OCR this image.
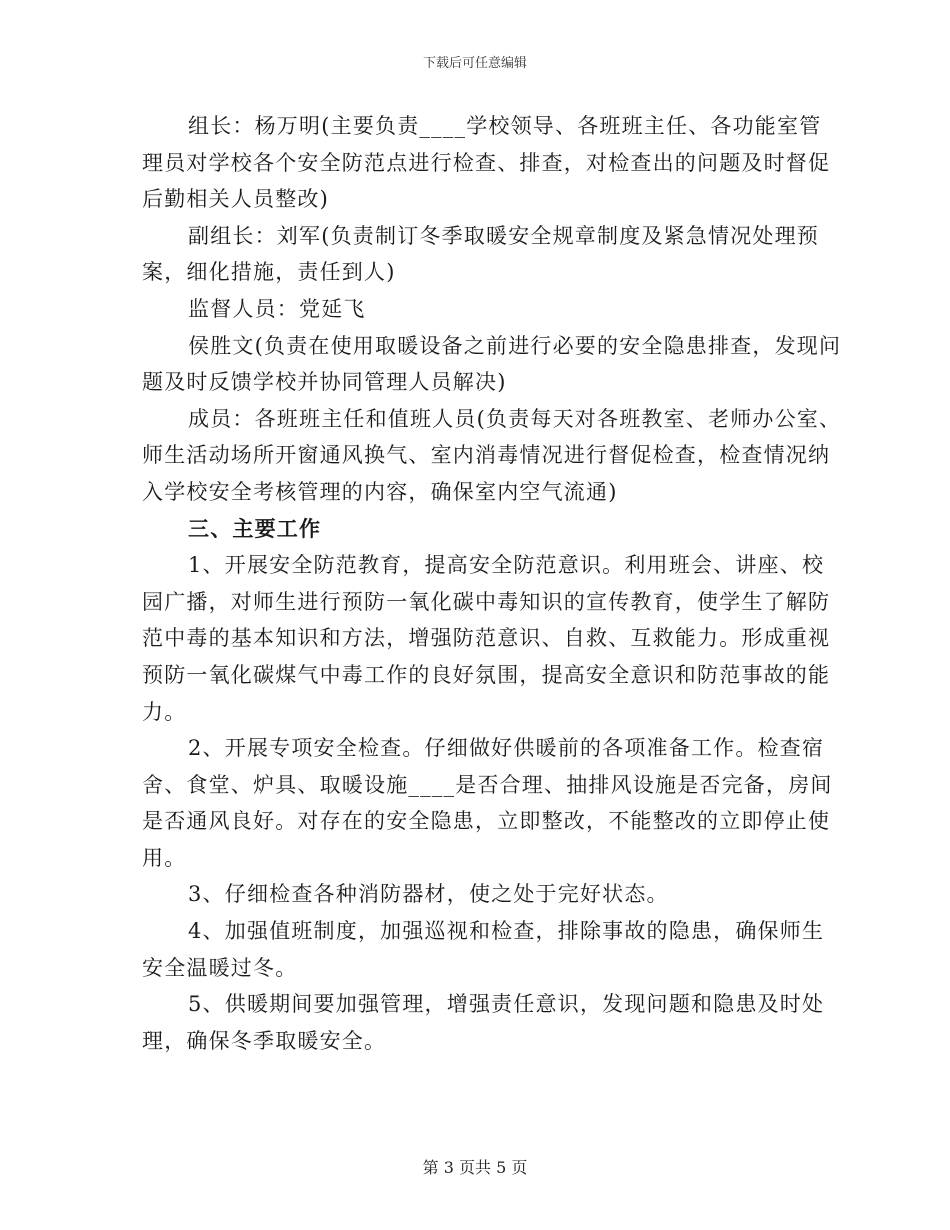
下载后可任意编辑

组长：杨万明(主要负责____学校领导、各班班主任、各功能室管理员对学校各个安全防范点进行检查、排查，对检查出的问题及时督促后勤相关人员整改)

副组长：刘军(负责制订冬季取暖安全规章制度及紧急情况处理预案，细化措施，责任到人)

监督人员：党延飞

侯胜文(负责在使用取暖设备之前进行必要的安全隐患排查，发现问题及时反馈学校并协同管理人员解决)

成员：各班班主任和值班人员(负责每天对各班教室、老师办公室、师生活动场所开窗通风换气、室内消毒情况进行督促检查，检查情况纳入学校安全考核管理的内容，确保室内空气流通)

三、主要工作

1、开展安全防范教育，提高安全防范意识。利用班会、讲座、校园广播，对师生进行预防一氧化碳中毒知识的宣传教育，使学生了解防范中毒的基本知识和方法，增强防范意识、自救、互救能力。形成重视预防一氧化碳煤气中毒工作的良好氛围，提高安全意识和防范事故的能力。

2、开展专项安全检查。仔细做好供暖前的各项准备工作。检查宿舍、食堂、炉具、取暖设施____是否合理、抽排风设施是否完备，房间是否通风良好。对存在的安全隐患，立即整改，不能整改的立即停止使用。

3、仔细检查各种消防器材，使之处于完好状态。

4、加强值班制度，加强巡视和检查，排除事故的隐患，确保师生安全温暖过冬。

5、供暖期间要加强管理，增强责任意识，发现问题和隐患及时处理，确保冬季取暖安全。

第 3 页共 5 页
